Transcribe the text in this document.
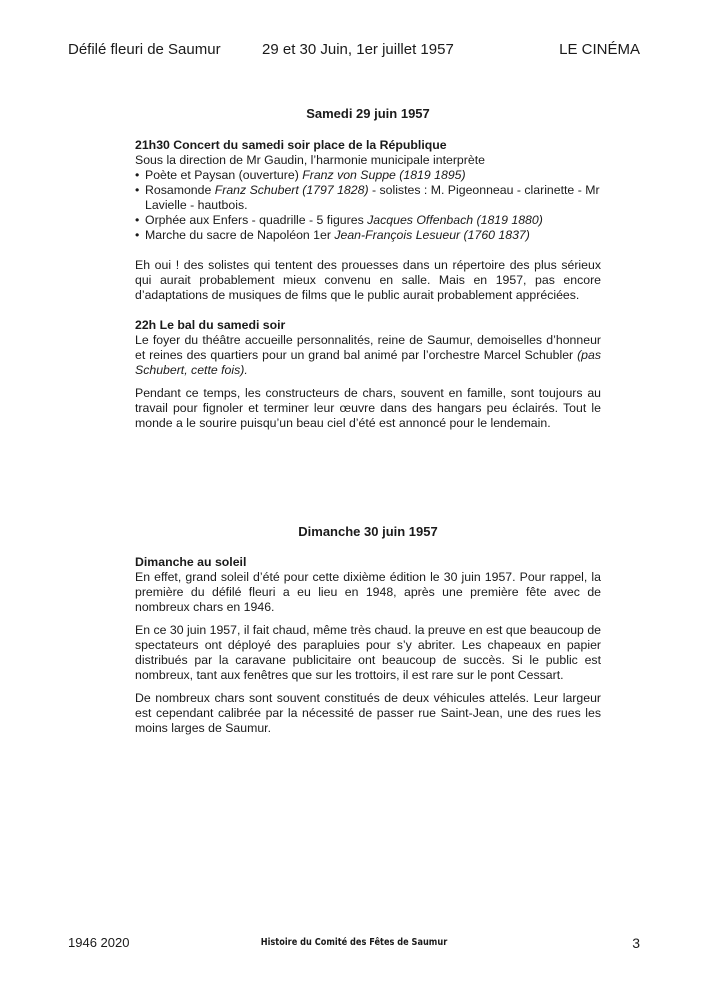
Défilé fleuri de Saumur	29 et 30 Juin, 1er juillet 1957	LE CINÉMA
Samedi 29 juin 1957

21h30 Concert du samedi soir place de la République

Sous la direction de Mr Gaudin, l’harmonie municipale interprète

• Poète et Paysan (ouverture) Franz von Suppe (1819 1895)
• Rosamonde Franz Schubert (1797 1828) - solistes : M. Pigeonneau - clarinette - Mr Lavielle - hautbois.
• Orphée aux Enfers - quadrille - 5 figures Jacques Offenbach (1819 1880)
• Marche du sacre de Napoléon 1er Jean-François Lesueur (1760 1837)

Eh oui ! des solistes qui tentent des prouesses dans un répertoire des plus sérieux qui aurait probablement mieux convenu en salle. Mais en 1957, pas encore d’adaptations de musiques de films que le public aurait probablement appréciées.

22h Le bal du samedi soir

Le foyer du théâtre accueille personnalités, reine de Saumur, demoiselles d’honneur et reines des quartiers pour un grand bal animé par l’orchestre Marcel Schubler (pas Schubert, cette fois).

Pendant ce temps, les constructeurs de chars, souvent en famille, sont toujours au travail pour fignoler et terminer leur œuvre dans des hangars peu éclairés. Tout le monde a le sourire puisqu’un beau ciel d’été est annoncé pour le lendemain.

Dimanche 30 juin 1957

Dimanche au soleil

En effet, grand soleil d’été pour cette dixième édition le 30 juin 1957. Pour rappel, la première du défilé fleuri a eu lieu en 1948, après une première fête avec de nombreux chars en 1946.

En ce 30 juin 1957, il fait chaud, même très chaud. la preuve en est que beaucoup de spectateurs ont déployé des parapluies pour s’y abriter. Les chapeaux en papier distribués par la caravane publicitaire ont beaucoup de succès. Si le public est nombreux, tant aux fenêtres que sur les trottoirs, il est rare sur le pont Cessart.

De nombreux chars sont souvent constitués de deux véhicules attelés. Leur largeur est cependant calibrée par la nécessité de passer rue Saint-Jean, une des rues les moins larges de Saumur.

1946 2020	Histoire du Comité des Fêtes de Saumur	3
